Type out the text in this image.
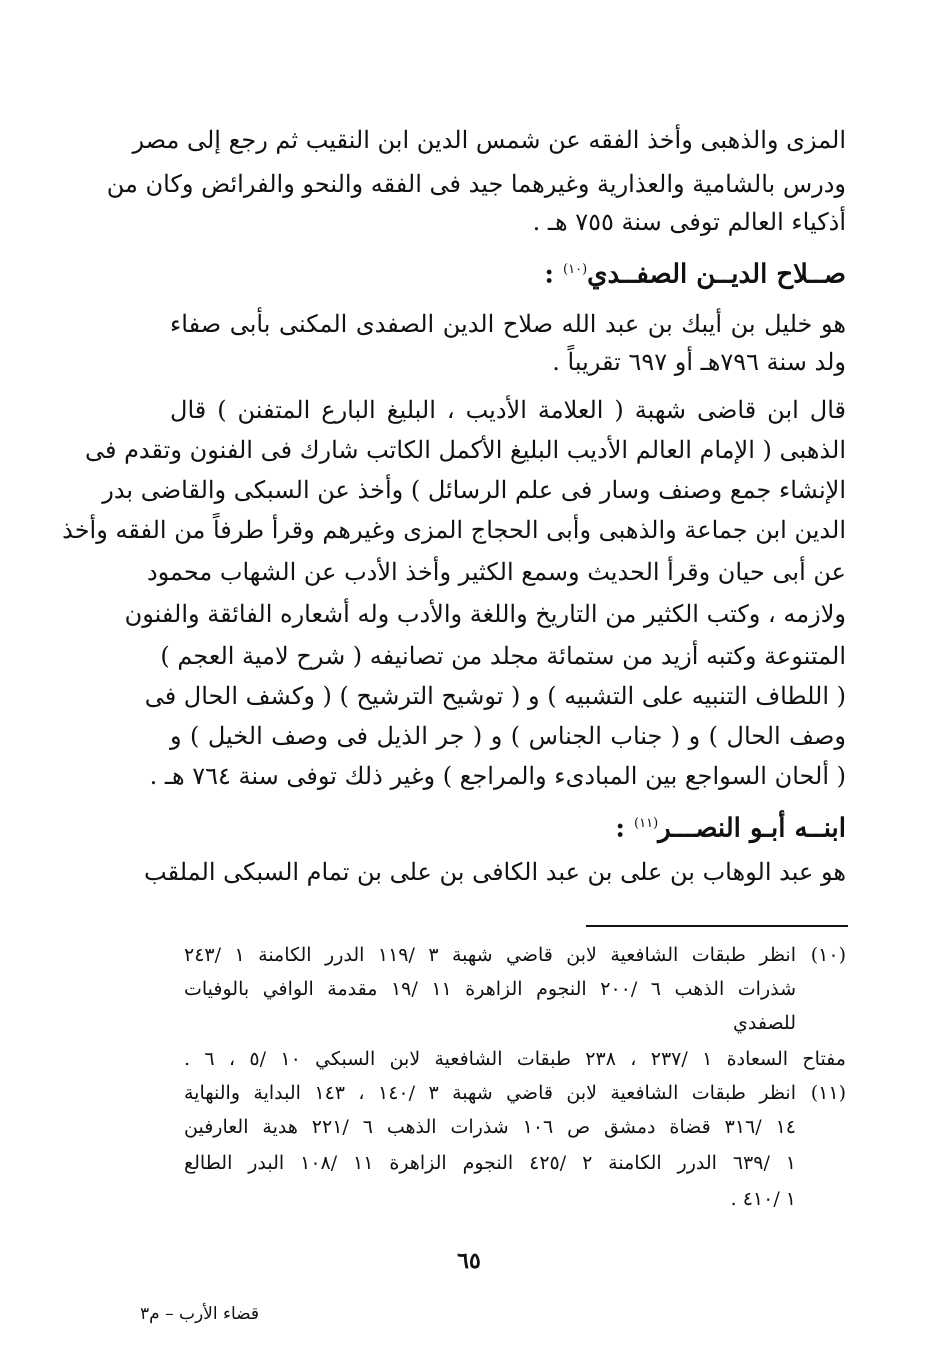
المزى والذهبى وأخذ الفقه عن شمس الدين ابن النقيب ثم رجع إلى مصر
ودرس بالشامية والعذارية وغيرهما جيد فى الفقه والنحو والفرائض وكان من
أذكياء العالم توفى سنة ٧٥٥ هـ .
صــلاح الديــن الصفــدي$^{(١٠)}$ :
هو خليل بن أيبك بن عبد الله صلاح الدين الصفدى المكنى بأبى صفاء
ولد سنة ٧٩٦هـ أو ٦٩٧ تقريباً .
قال ابن قاضى شهبة ( العلامة الأديب ، البليغ البارع المتفنن ) قال
الذهبى ( الإمام العالم الأديب البليغ الأكمل الكاتب شارك فى الفنون وتقدم فى
الإنشاء جمع وصنف وسار فى علم الرسائل ) وأخذ عن السبكى والقاضى بدر
الدين ابن جماعة والذهبى وأبى الحجاج المزى وغيرهم وقرأ طرفاً من الفقه وأخذ
عن أبى حيان وقرأ الحديث وسمع الكثير وأخذ الأدب عن الشهاب محمود
ولازمه ، وكتب الكثير من التاريخ واللغة والأدب وله أشعاره الفائقة والفنون
المتنوعة وكتبه أزيد من ستمائة مجلد من تصانيفه ( شرح لامية العجم )
( اللطاف التنبيه على التشبيه ) و ( توشيح الترشيح ) ( وكشف الحال فى
وصف الحال ) و ( جناب الجناس ) و ( جر الذيل فى وصف الخيل ) و
( ألحان السواجع بين المبادىء والمراجع ) وغير ذلك توفى سنة ٧٦٤ هـ .
ابنــه أبـو النصـــر$^{(١١)}$ :
هو عبد الوهاب بن على بن عبد الكافى بن على بن تمام السبكى الملقب
(١٠)
انظر طبقات الشافعية لابن قاضي شهبة ٣ /١١٩ الدرر الكامنة ١ /٢٤٣
شذرات الذهب ٦ /٢٠٠ النجوم الزاهرة ١١ /١٩ مقدمة الوافي بالوفيات
للصفدي
مفتاح السعادة ١ /٢٣٧ ، ٢٣٨ طبقات الشافعية لابن السبكي ١٠ /٥ ، ٦ .
(١١)
انظر طبقات الشافعية لابن قاضي شهبة ٣ /١٤٠ ، ١٤٣ البداية والنهاية
١٤ /٣١٦ قضاة دمشق ص ١٠٦ شذرات الذهب ٦ /٢٢١ هدية العارفين
١ /٦٣٩ الدرر الكامنة ٢ /٤٢٥ النجوم الزاهرة ١١ /١٠٨ البدر الطالع
١ /٤١٠ .
٦٥
قضاء الأرب – م٣
